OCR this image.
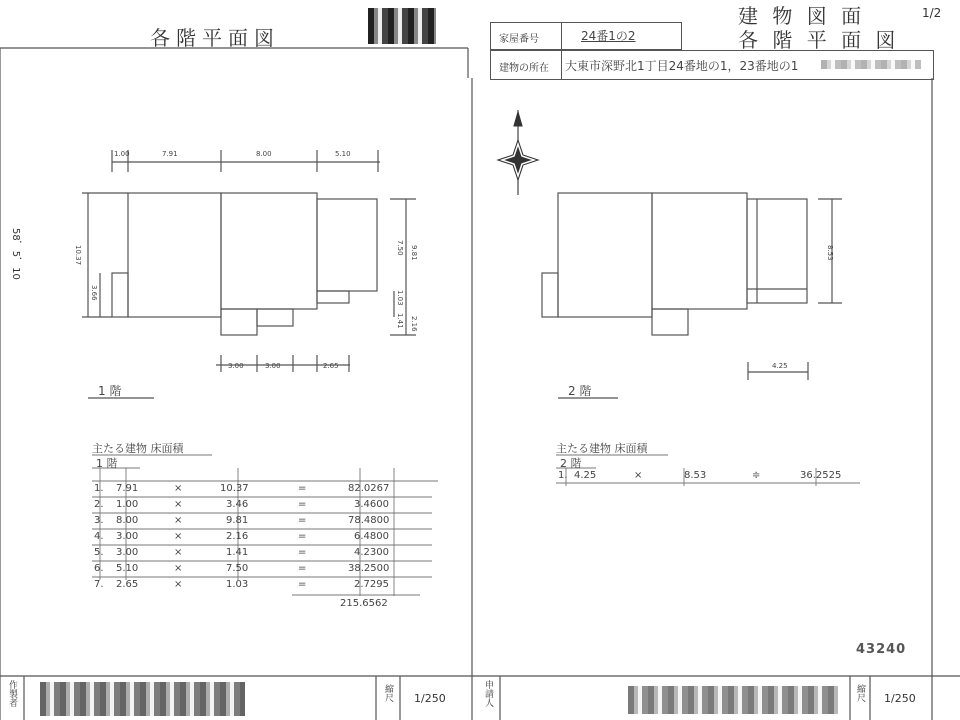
各階平面図
建 物 図 面
各 階 平 面 図
1/2
家屋番号	24番1の2
建物の所在 大東市深野北1丁目24番地の1，23番地の1
58．5．10
1.00	7.91	8.00	5.10
10.37
3.66
7.50 9.81
1.03
1.41 2.16
3.00	3.00	2.65
1 階
8.53
4.25
2 階
主たる建物 床面積
1 階
1. 7.91	×	10.37	=	82.0267
2. 1.00	×	3.46	=	3.4600
3. 8.00	×	9.81	=	78.4800
4. 3.00	×	2.16	=	6.4800
5. 3.00	×	1.41	=	4.2300
6. 5.10	×	7.50	=	38.2500
7. 2.65	×	1.03	=	2.7295
215.6562
主たる建物 床面積
2 階
1. 4.25	×	8.53	≑	36.2525
43240
作製者	縮尺 1/250	申請人	縮尺 1/250
